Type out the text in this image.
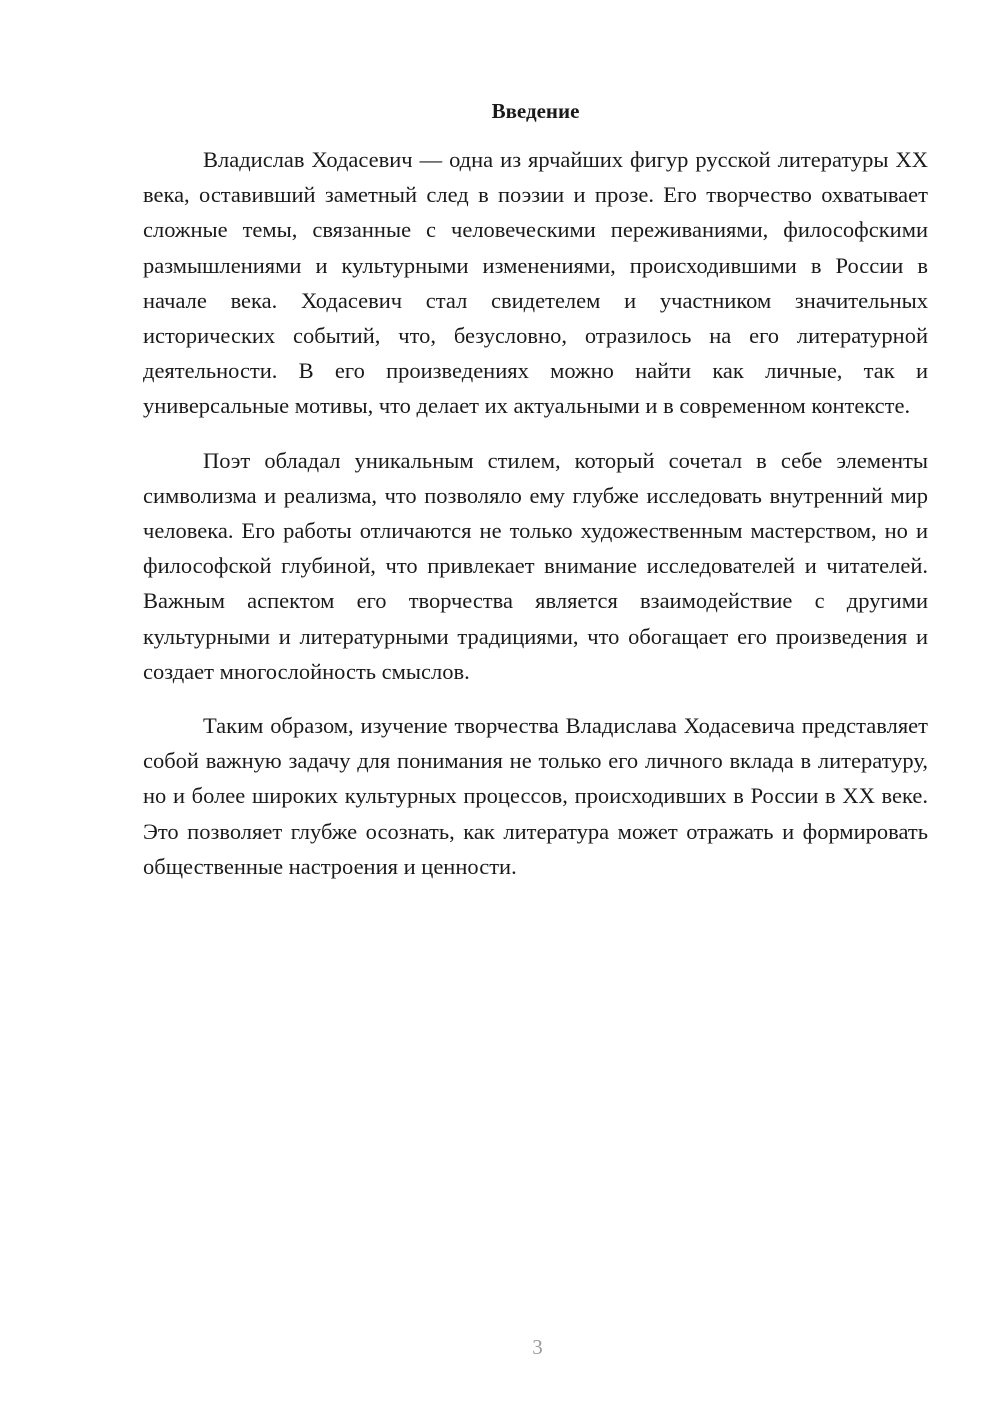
Введение

Владислав Ходасевич — одна из ярчайших фигур русской литературы XX века, оставивший заметный след в поэзии и прозе. Его творчество охватывает сложные темы, связанные с человеческими переживаниями, философскими размышлениями и культурными изменениями, происходившими в России в начале века. Ходасевич стал свидетелем и участником значительных исторических событий, что, безусловно, отразилось на его литературной деятельности. В его произведениях можно найти как личные, так и универсальные мотивы, что делает их актуальными и в современном контексте.

Поэт обладал уникальным стилем, который сочетал в себе элементы символизма и реализма, что позволяло ему глубже исследовать внутренний мир человека. Его работы отличаются не только художественным мастерством, но и философской глубиной, что привлекает внимание исследователей и читателей. Важным аспектом его творчества является взаимодействие с другими культурными и литературными традициями, что обогащает его произведения и создает многослойность смыслов.

Таким образом, изучение творчества Владислава Ходасевича представляет собой важную задачу для понимания не только его личного вклада в литературу, но и более широких культурных процессов, происходивших в России в XX веке. Это позволяет глубже осознать, как литература может отражать и формировать общественные настроения и ценности.

3
